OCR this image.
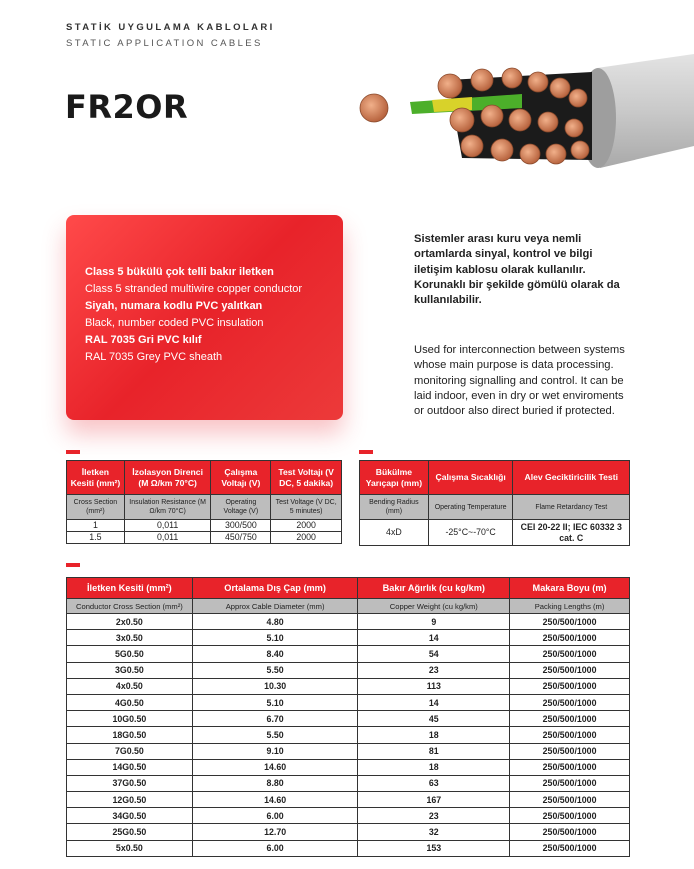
STATİK UYGULAMA KABLOLARI
STATIC APPLICATION CABLES
FR2OR
Class 5 bükülü çok telli bakır iletken
Class 5 stranded multiwire copper conductor
Siyah, numara kodlu PVC yalıtkan
Black, number coded PVC insulation
RAL 7035 Gri PVC kılıf
RAL 7035 Grey PVC sheath
Sistemler arası kuru veya nemli ortamlarda sinyal, kontrol ve bilgi iletişim kablosu olarak kullanılır. Korunaklı bir şekilde gömülü olarak da kullanılabilir.
Used for interconnection between systems whose main purpose is data processing. monitoring signalling and control. It can be laid indoor, even in dry or wet enviroments or outdoor also direct buried if protected.
İletken Kesiti (mm²)	İzolasyon Direnci (M Ω/km 70°C)	Çalışma Voltajı (V)	Test Voltajı (V DC, 5 dakika)
Cross Section (mm²)	Insulation Resistance (M Ω/km 70°C)	Operating Voltage (V)	Test Voltage (V DC, 5 minutes)
1	0,011	300/500	2000
1.5	0,011	450/750	2000
Bükülme Yarıçapı (mm)	Çalışma Sıcaklığı	Alev Geciktiricilik Testi
Bending Radius (mm)	Operating Temperature	Flame Retardancy Test
4xD	-25°C~-70°C	CEI 20-22 II; IEC 60332 3 cat. C
İletken Kesiti (mm²)	Ortalama Dış Çap (mm)	Bakır Ağırlık (cu kg/km)	Makara Boyu (m)
Conductor Cross Section (mm²)	Approx Cable Diameter (mm)	Copper Weight (cu kg/km)	Packing Lengths (m)
2x0.50	4.80	9	250/500/1000
3x0.50	5.10	14	250/500/1000
5G0.50	8.40	54	250/500/1000
3G0.50	5.50	23	250/500/1000
4x0.50	10.30	113	250/500/1000
4G0.50	5.10	14	250/500/1000
10G0.50	6.70	45	250/500/1000
18G0.50	5.50	18	250/500/1000
7G0.50	9.10	81	250/500/1000
14G0.50	14.60	18	250/500/1000
37G0.50	8.80	63	250/500/1000
12G0.50	14.60	167	250/500/1000
34G0.50	6.00	23	250/500/1000
25G0.50	12.70	32	250/500/1000
5x0.50	6.00	153	250/500/1000
